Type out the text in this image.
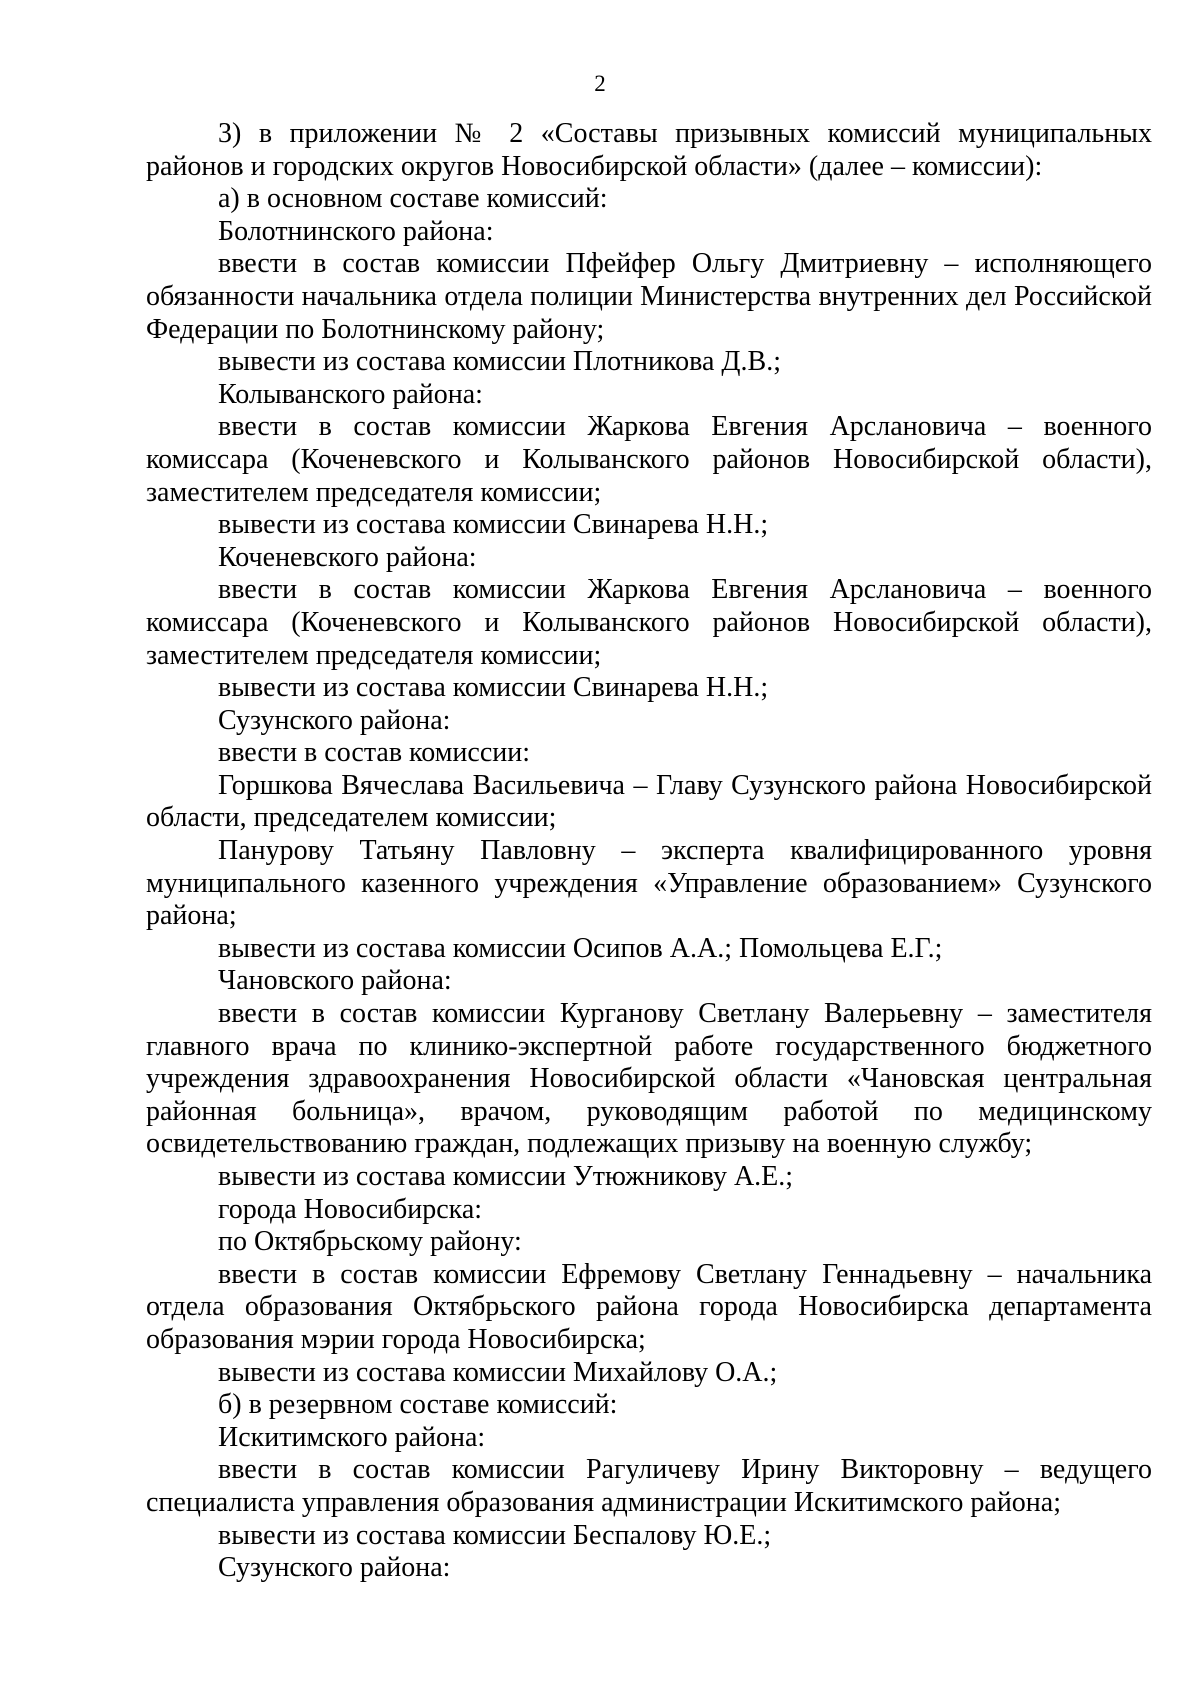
2

3) в приложении № 2 «Составы призывных комиссий муниципальных районов и городских округов Новосибирской области» (далее – комиссии):

а) в основном составе комиссий:

Болотнинского района:

ввести в состав комиссии Пфейфер Ольгу Дмитриевну – исполняющего обязанности начальника отдела полиции Министерства внутренних дел Российской Федерации по Болотнинскому району;

вывести из состава комиссии Плотникова Д.В.;

Колыванского района:

ввести в состав комиссии Жаркова Евгения Арслановича – военного комиссара (Коченевского и Колыванского районов Новосибирской области), заместителем председателя комиссии;

вывести из состава комиссии Свинарева Н.Н.;

Коченевского района:

ввести в состав комиссии Жаркова Евгения Арслановича – военного комиссара (Коченевского и Колыванского районов Новосибирской области), заместителем председателя комиссии;

вывести из состава комиссии Свинарева Н.Н.;

Сузунского района:

ввести в состав комиссии:

Горшкова Вячеслава Васильевича – Главу Сузунского района Новосибирской области, председателем комиссии;

Панурову Татьяну Павловну – эксперта квалифицированного уровня муниципального казенного учреждения «Управление образованием» Сузунского района;

вывести из состава комиссии Осипов А.А.; Помольцева Е.Г.;

Чановского района:

ввести в состав комиссии Курганову Светлану Валерьевну – заместителя главного врача по клинико-экспертной работе государственного бюджетного учреждения здравоохранения Новосибирской области «Чановская центральная районная больница», врачом, руководящим работой по медицинскому освидетельствованию граждан, подлежащих призыву на военную службу;

вывести из состава комиссии Утюжникову А.Е.;

города Новосибирска:

по Октябрьскому району:

ввести в состав комиссии Ефремову Светлану Геннадьевну – начальника отдела образования Октябрьского района города Новосибирска департамента образования мэрии города Новосибирска;

вывести из состава комиссии Михайлову О.А.;

б) в резервном составе комиссий:

Искитимского района:

ввести в состав комиссии Рагуличеву Ирину Викторовну – ведущего специалиста управления образования администрации Искитимского района;

вывести из состава комиссии Беспалову Ю.Е.;

Сузунского района:
